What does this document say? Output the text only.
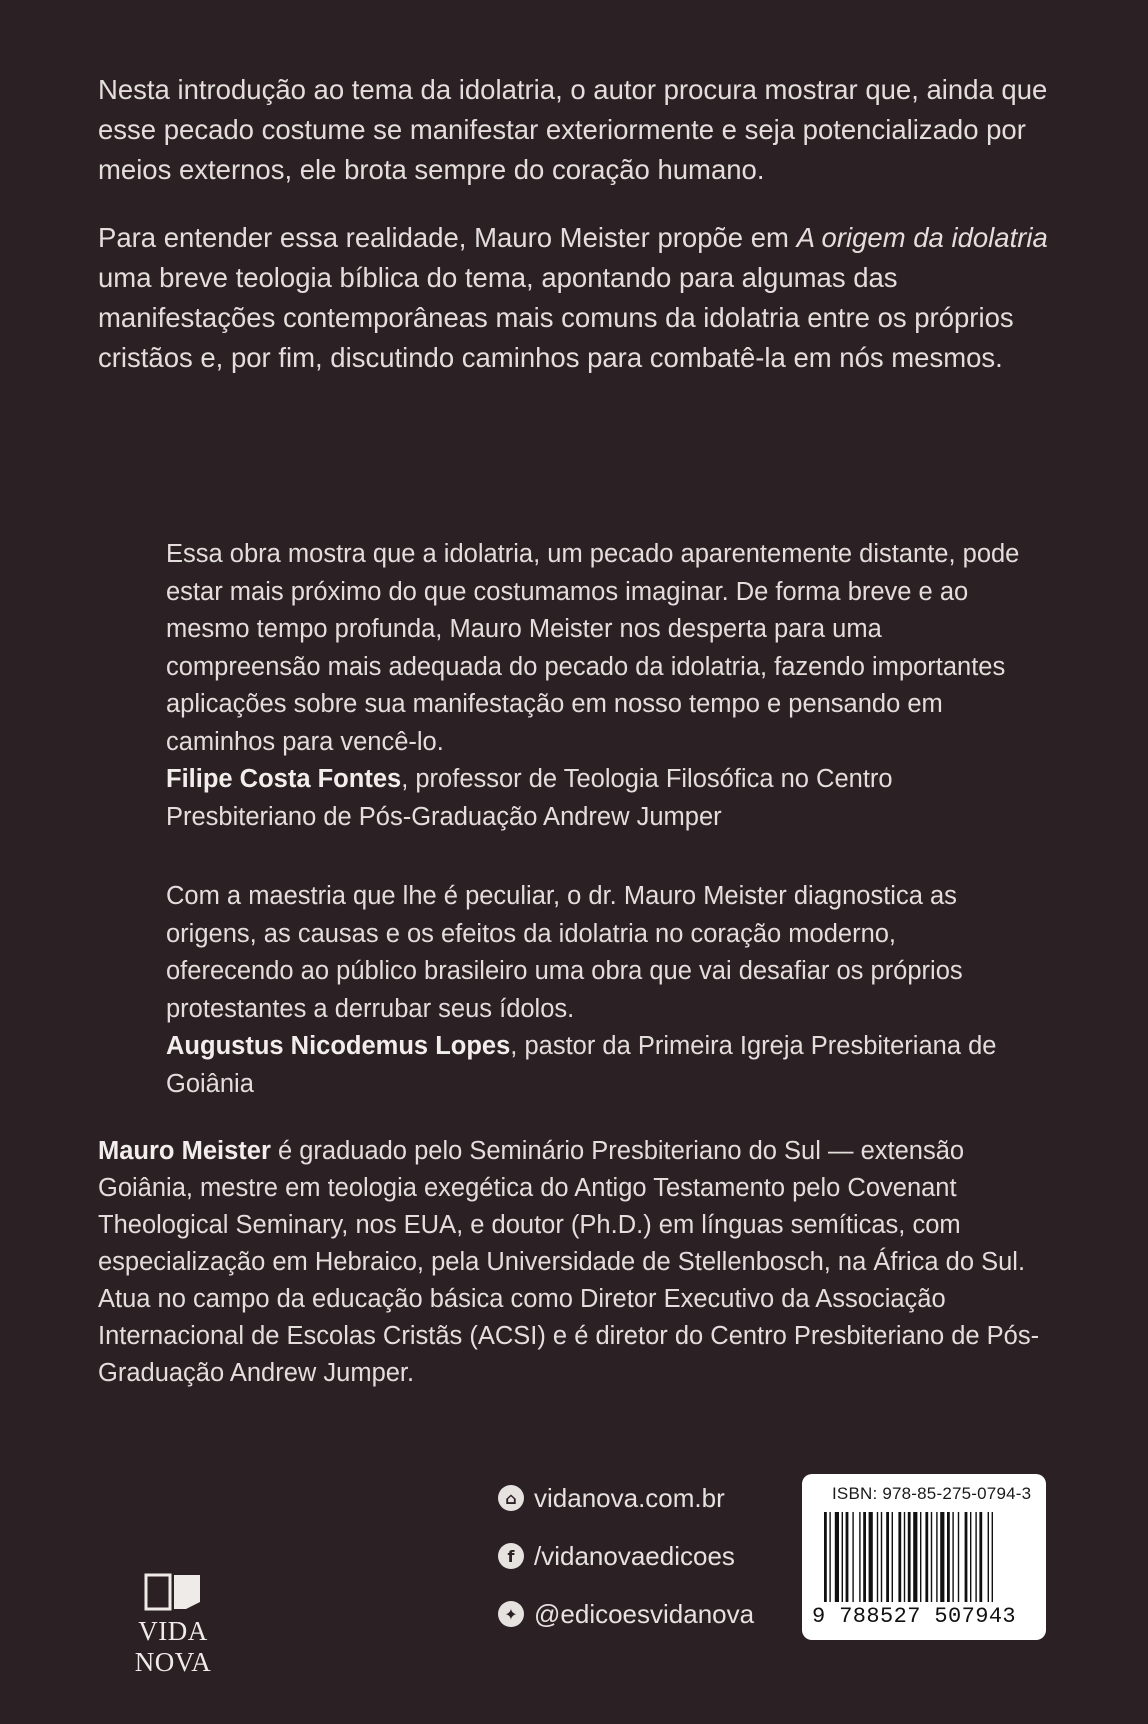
Nesta introdução ao tema da idolatria, o autor procura mostrar que, ainda que esse pecado costume se manifestar exteriormente e seja potencializado por meios externos, ele brota sempre do coração humano.

Para entender essa realidade, Mauro Meister propõe em A origem da idolatria uma breve teologia bíblica do tema, apontando para algumas das manifestações contemporâneas mais comuns da idolatria entre os próprios cristãos e, por fim, discutindo caminhos para combatê-la em nós mesmos.

Essa obra mostra que a idolatria, um pecado aparentemente distante, pode estar mais próximo do que costumamos imaginar. De forma breve e ao mesmo tempo profunda, Mauro Meister nos desperta para uma compreensão mais adequada do pecado da idolatria, fazendo importantes aplicações sobre sua manifestação em nosso tempo e pensando em caminhos para vencê-lo.

Filipe Costa Fontes, professor de Teologia Filosófica no Centro Presbiteriano de Pós-Graduação Andrew Jumper

Com a maestria que lhe é peculiar, o dr. Mauro Meister diagnostica as origens, as causas e os efeitos da idolatria no coração moderno, oferecendo ao público brasileiro uma obra que vai desafiar os próprios protestantes a derrubar seus ídolos.

Augustus Nicodemus Lopes, pastor da Primeira Igreja Presbiteriana de Goiânia

Mauro Meister é graduado pelo Seminário Presbiteriano do Sul — extensão Goiânia, mestre em teologia exegética do Antigo Testamento pelo Covenant Theological Seminary, nos EUA, e doutor (Ph.D.) em línguas semíticas, com especialização em Hebraico, pela Universidade de Stellenbosch, na África do Sul. Atua no campo da educação básica como Diretor Executivo da Associação Internacional de Escolas Cristãs (ACSI) e é diretor do Centro Presbiteriano de Pós-Graduação Andrew Jumper.

VIDA NOVA
⌂ vidanova.com.br
f /vidanovaedicoes
✦ @edicoesvidanova
ISBN: 978-85-275-0794-3
9 788527 507943
